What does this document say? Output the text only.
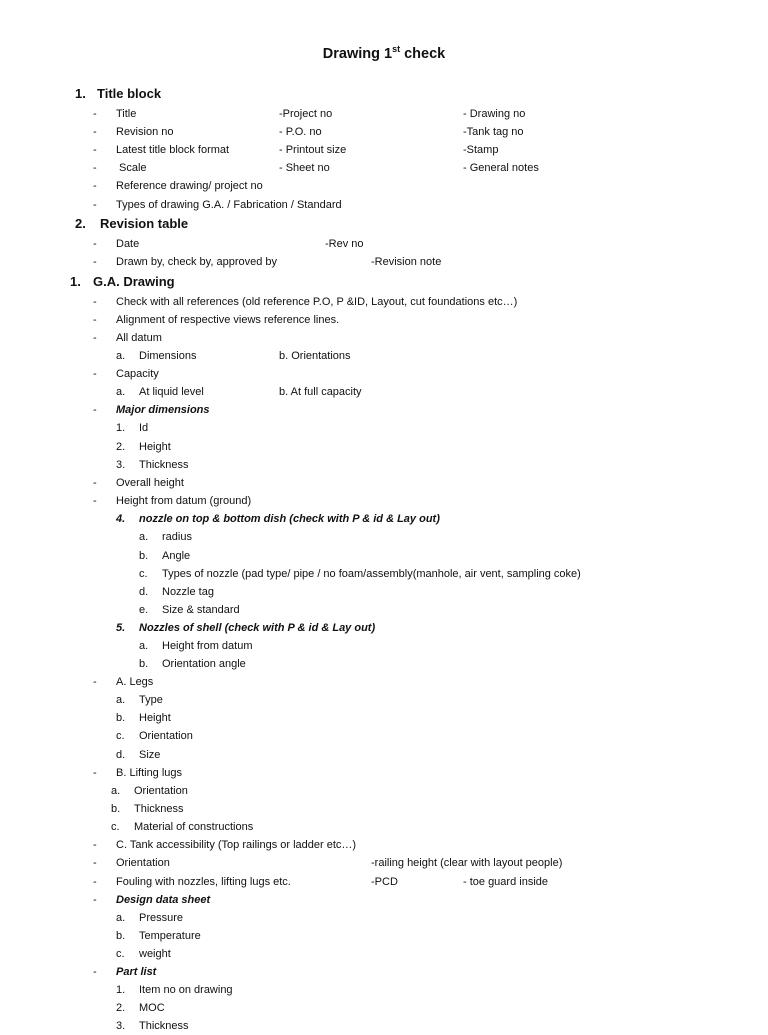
Drawing 1st check
1. Title block
- Title	-Project no	- Drawing no
- Revision no	- P.O. no	-Tank tag no
- Latest title block format	- Printout size	-Stamp
- Scale	- Sheet no	- General notes
- Reference drawing/ project no
- Types of drawing G.A. / Fabrication / Standard
2. Revision table
- Date	-Rev no
- Drawn by, check by, approved by	-Revision note
1. G.A. Drawing
- Check with all references (old reference P.O, P &ID, Layout, cut foundations etc…)
- Alignment of respective views reference lines.
- All datum
a. Dimensions	b. Orientations
- Capacity
a. At liquid level	b. At full capacity
- Major dimensions
1. Id
2. Height
3. Thickness
- Overall height
- Height from datum (ground)
4. nozzle on top & bottom dish (check with P & id & Lay out)
a. radius
b. Angle
c. Types of nozzle (pad type/ pipe / no foam/assembly(manhole, air vent, sampling coke)
d. Nozzle tag
e. Size & standard
5. Nozzles of shell (check with P & id & Lay out)
a. Height from datum
b. Orientation angle
- A. Legs
a. Type
b. Height
c. Orientation
d. Size
- B. Lifting lugs
a. Orientation
b. Thickness
c. Material of constructions
- C. Tank accessibility (Top railings or ladder etc…)
- Orientation	-railing height (clear with layout people)
- Fouling with nozzles, lifting lugs etc.	-PCD	- toe guard inside
- Design data sheet
a. Pressure
b. Temperature
c. weight
- Part list
1. Item no on drawing
2. MOC
3. Thickness
